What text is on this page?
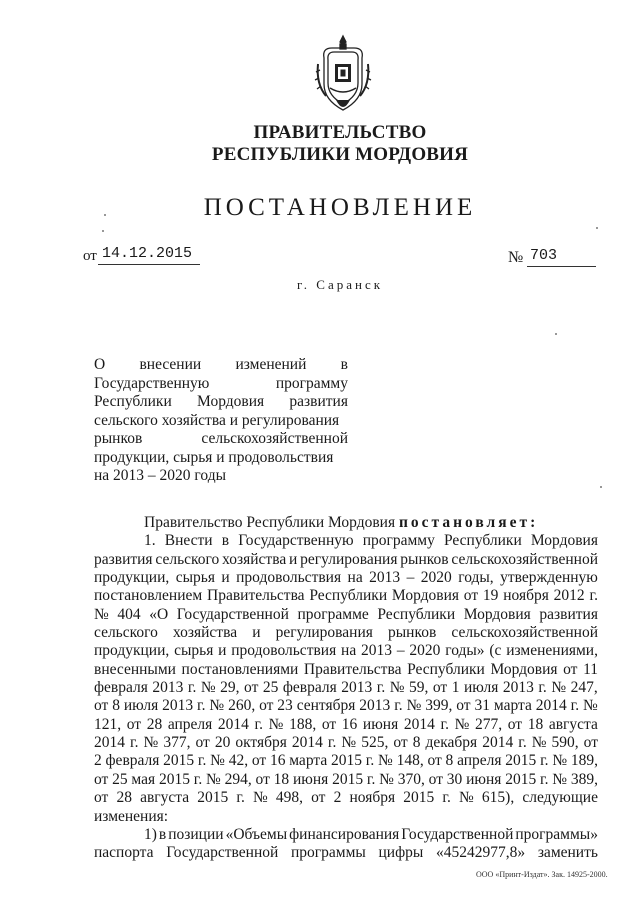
ПРАВИТЕЛЬСТВО
РЕСПУБЛИКИ МОРДОВИЯ
ПОСТАНОВЛЕНИЕ
от 14.12.2015	№ 703
г. Саранск
О внесении изменений в
Государственную	программу
Республики Мордовия развития
сельского хозяйства и регулирования
рынков	сельскохозяйственной
продукции, сырья и продовольствия
на 2013 – 2020 годы
Правительство Республики Мордовия постановляет:
1. Внести в Государственную программу Республики Мордовия
развития сельского хозяйства и регулирования рынков сельскохозяйственной
продукции, сырья и продовольствия на 2013 – 2020 годы, утвержденную
постановлением Правительства Республики Мордовия от 19 ноября 2012 г.
№ 404 «О Государственной программе Республики Мордовия развития
сельского хозяйства и регулирования рынков сельскохозяйственной
продукции, сырья и продовольствия на 2013 – 2020 годы» (с изменениями,
внесенными постановлениями Правительства Республики Мордовия от 11
февраля 2013 г. № 29, от 25 февраля 2013 г. № 59, от 1 июля 2013 г. № 247,
от 8 июля 2013 г. № 260, от 23 сентября 2013 г. № 399, от 31 марта 2014 г. №
121, от 28 апреля 2014 г. № 188, от 16 июня 2014 г. № 277, от 18 августа
2014 г. № 377, от 20 октября 2014 г. № 525, от 8 декабря 2014 г. № 590, от
2 февраля 2015 г. № 42, от 16 марта 2015 г. № 148, от 8 апреля 2015 г. № 189,
от 25 мая 2015 г. № 294, от 18 июня 2015 г. № 370, от 30 июня 2015 г. № 389,
от 28 августа 2015 г. № 498, от 2 ноября 2015 г. № 615), следующие
изменения:
1) в позиции «Объемы финансирования Государственной программы»
паспорта Государственной программы цифры «45242977,8» заменить
ООО «Принт-Издат». Зак. 14925-2000.
